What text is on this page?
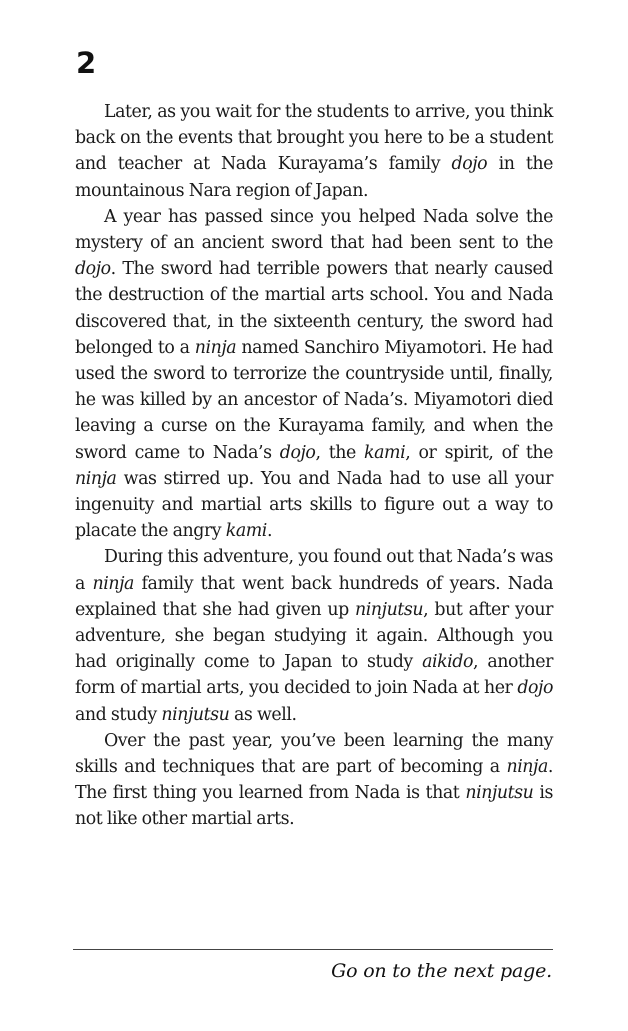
2

Later, as you wait for the students to arrive, you think back on the events that brought you here to be a student and teacher at Nada Kurayama’s family dojo in the mountainous Nara region of Japan.

A year has passed since you helped Nada solve the mystery of an ancient sword that had been sent to the dojo. The sword had terrible powers that nearly caused the destruction of the martial arts school. You and Nada discovered that, in the sixteenth century, the sword had belonged to a ninja named Sanchiro Miyamotori. He had used the sword to terrorize the countryside until, finally, he was killed by an ancestor of Nada’s. Miyamotori died leaving a curse on the Kurayama family, and when the sword came to Nada’s dojo, the kami, or spirit, of the ninja was stirred up. You and Nada had to use all your ingenuity and martial arts skills to figure out a way to placate the angry kami.

During this adventure, you found out that Nada’s was a ninja family that went back hundreds of years. Nada explained that she had given up ninjutsu, but after your adventure, she began studying it again. Although you had originally come to Japan to study aikido, another form of martial arts, you decided to join Nada at her dojo and study ninjutsu as well.

Over the past year, you’ve been learning the many skills and techniques that are part of becoming a ninja. The first thing you learned from Nada is that ninjutsu is not like other martial arts.

Go on to the next page.
